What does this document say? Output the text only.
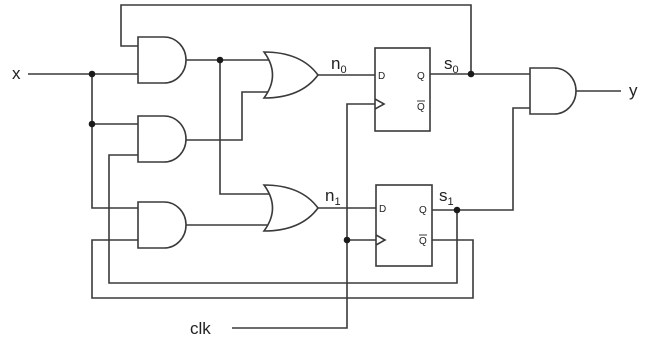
D	Q
Q
D	Q
Q
x
clk
y
$n_0$
$n_1$
$s_0$
$s_1$
